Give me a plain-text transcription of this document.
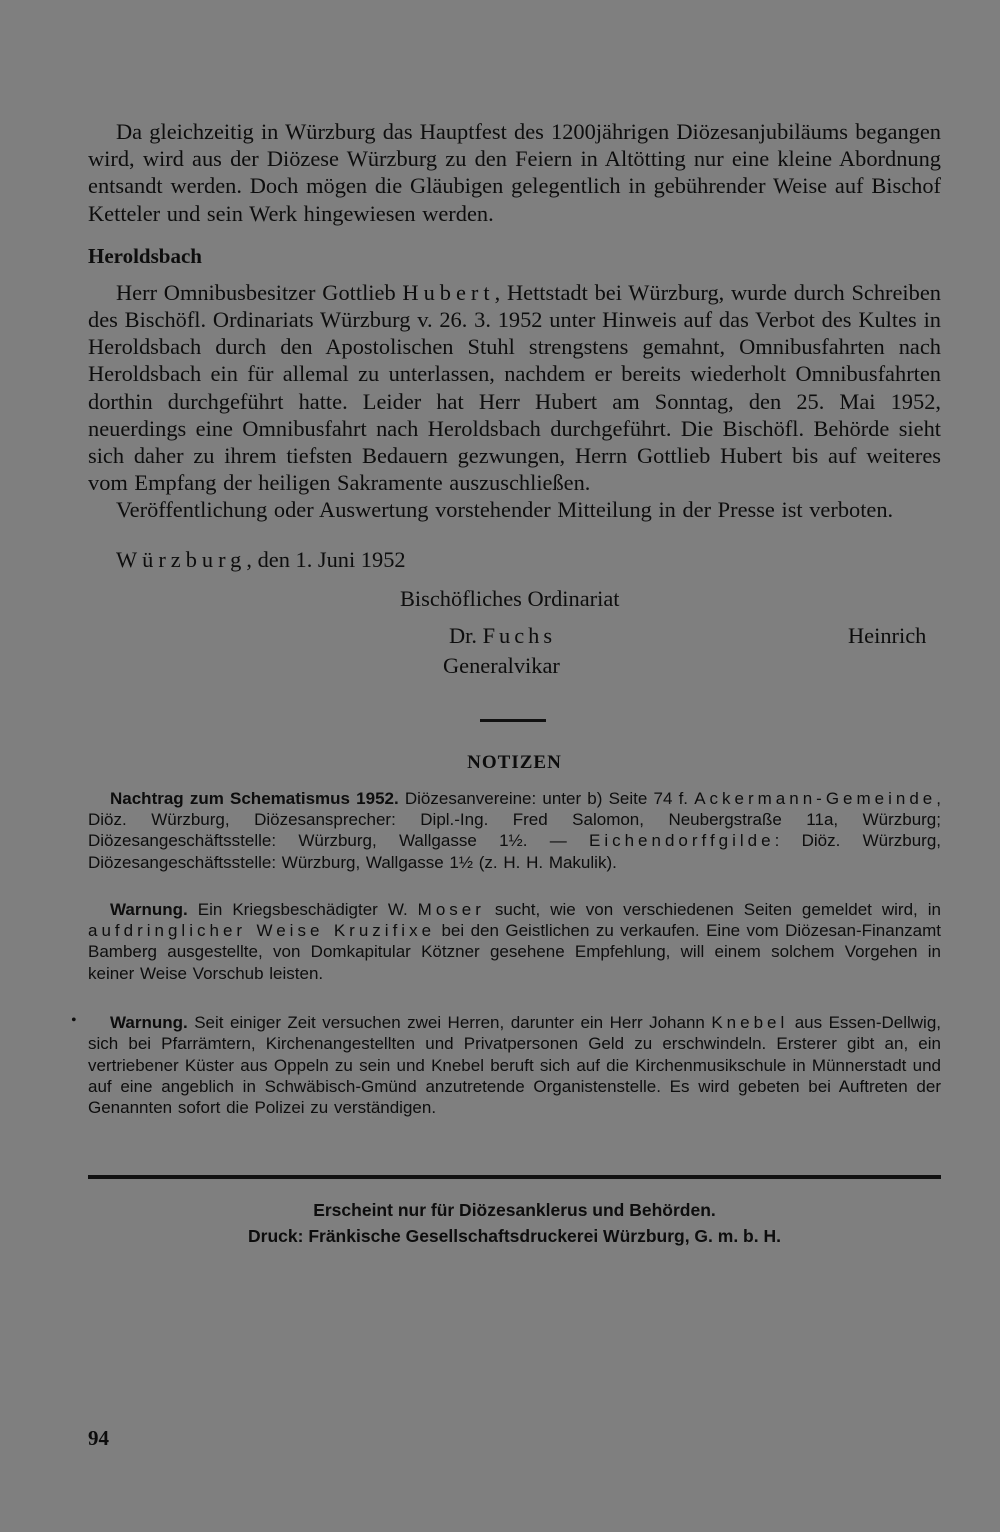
Da gleichzeitig in Würzburg das Hauptfest des 1200jährigen Diözesanjubiläums begangen wird, wird aus der Diözese Würzburg zu den Feiern in Altötting nur eine kleine Abordnung entsandt werden. Doch mögen die Gläubigen gelegentlich in gebührender Weise auf Bischof Ketteler und sein Werk hingewiesen werden.

Heroldsbach

Herr Omnibusbesitzer Gottlieb Hubert, Hettstadt bei Würzburg, wurde durch Schreiben des Bischöfl. Ordinariats Würzburg v. 26. 3. 1952 unter Hinweis auf das Verbot des Kultes in Heroldsbach durch den Apostolischen Stuhl strengstens gemahnt, Omnibusfahrten nach Heroldsbach ein für allemal zu unterlassen, nachdem er bereits wiederholt Omnibusfahrten dorthin durchgeführt hatte. Leider hat Herr Hubert am Sonntag, den 25. Mai 1952, neuerdings eine Omnibusfahrt nach Heroldsbach durchgeführt. Die Bischöfl. Behörde sieht sich daher zu ihrem tiefsten Bedauern gezwungen, Herrn Gottlieb Hubert bis auf weiteres vom Empfang der heiligen Sakramente auszuschließen.

Veröffentlichung oder Auswertung vorstehender Mitteilung in der Presse ist verboten.

Würzburg, den 1. Juni 1952
Bischöfliches Ordinariat
Dr. Fuchs
Generalvikar
Heinrich
NOTIZEN

Nachtrag zum Schematismus 1952. Diözesanvereine: unter b) Seite 74 f. Ackermann-Gemeinde, Diöz. Würzburg, Diözesansprecher: Dipl.-Ing. Fred Salomon, Neubergstraße 11a, Würzburg; Diözesangeschäftsstelle: Würzburg, Wallgasse 1½. — Eichendorffgilde: Diöz. Würzburg, Diözesangeschäftsstelle: Würzburg, Wallgasse 1½ (z. H. H. Makulik).

Warnung. Ein Kriegsbeschädigter W. Moser sucht, wie von verschiedenen Seiten gemeldet wird, in aufdringlicher Weise Kruzifixe bei den Geistlichen zu verkaufen. Eine vom Diözesan-Finanzamt Bamberg ausgestellte, von Domkapitular Kötzner gesehene Empfehlung, will einem solchem Vorgehen in keiner Weise Vorschub leisten.

•	Warnung. Seit einiger Zeit versuchen zwei Herren, darunter ein Herr Johann Knebel aus Essen-Dellwig, sich bei Pfarrämtern, Kirchenangestellten und Privatpersonen Geld zu erschwindeln. Ersterer gibt an, ein vertriebener Küster aus Oppeln zu sein und Knebel beruft sich auf die Kirchenmusikschule in Münnerstadt und auf eine angeblich in Schwäbisch-Gmünd anzutretende Organistenstelle. Es wird gebeten bei Auftreten der Genannten sofort die Polizei zu verständigen.

Erscheint nur für Diözesanklerus und Behörden.

Druck: Fränkische Gesellschaftsdruckerei Würzburg, G. m. b. H.

94
